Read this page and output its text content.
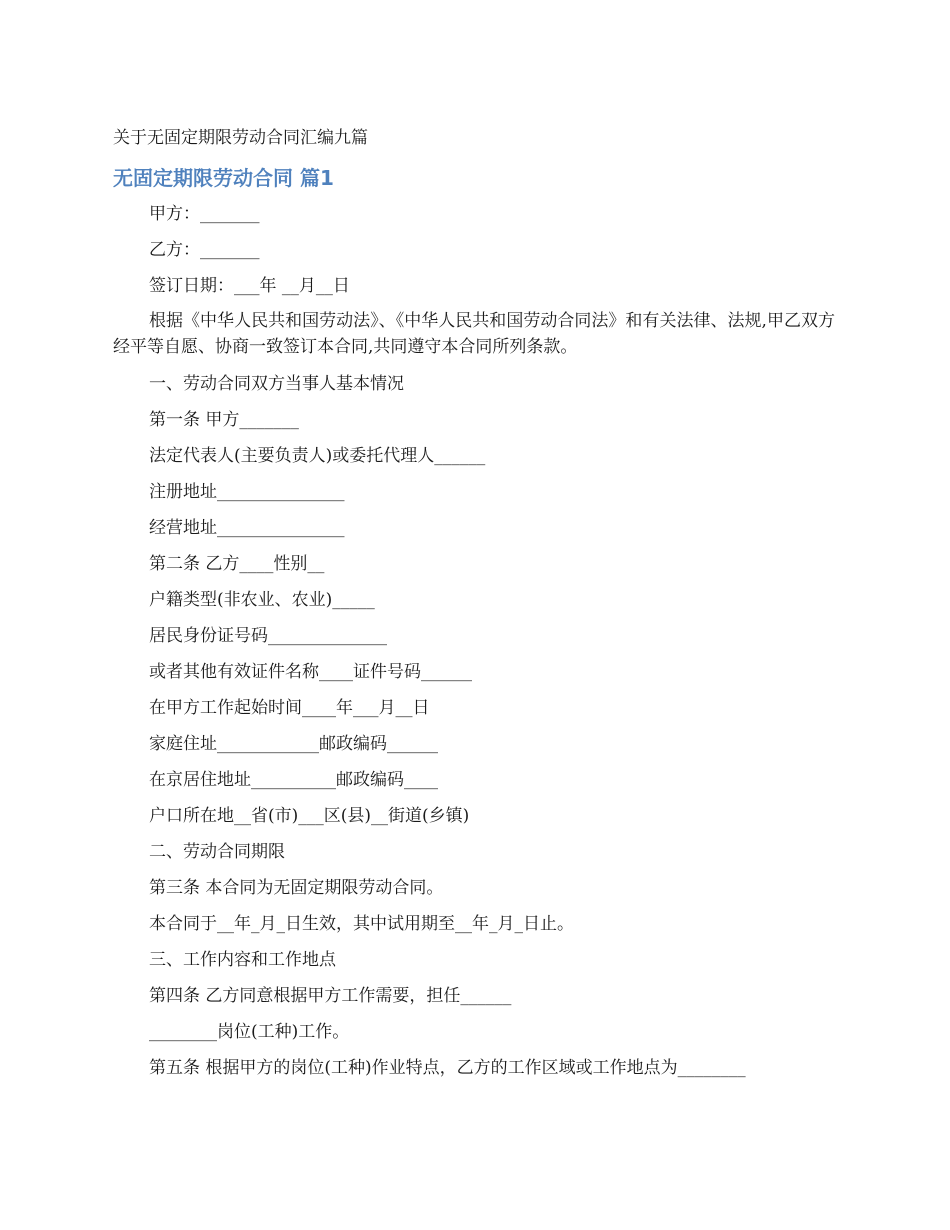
关于无固定期限劳动合同汇编九篇
无固定期限劳动合同 篇1

甲方：_______

乙方：_______

签订日期：___年 __月__日

根据《中华人民共和国劳动法》、《中华人民共和国劳动合同法》和有关法律、法规,甲乙双方经平等自愿、协商一致签订本合同,共同遵守本合同所列条款。

一、劳动合同双方当事人基本情况

第一条 甲方_______

法定代表人(主要负责人)或委托代理人______

注册地址_______________

经营地址_______________

第二条 乙方____性别__

户籍类型(非农业、农业)_____

居民身份证号码______________

或者其他有效证件名称____证件号码______

在甲方工作起始时间____年___月__日

家庭住址____________邮政编码______

在京居住地址__________邮政编码____

户口所在地__省(市)___区(县)__街道(乡镇)

二、劳动合同期限

第三条 本合同为无固定期限劳动合同。

本合同于__年_月_日生效，其中试用期至__年_月_日止。

三、工作内容和工作地点

第四条 乙方同意根据甲方工作需要，担任______

________岗位(工种)工作。

第五条 根据甲方的岗位(工种)作业特点，乙方的工作区域或工作地点为________
